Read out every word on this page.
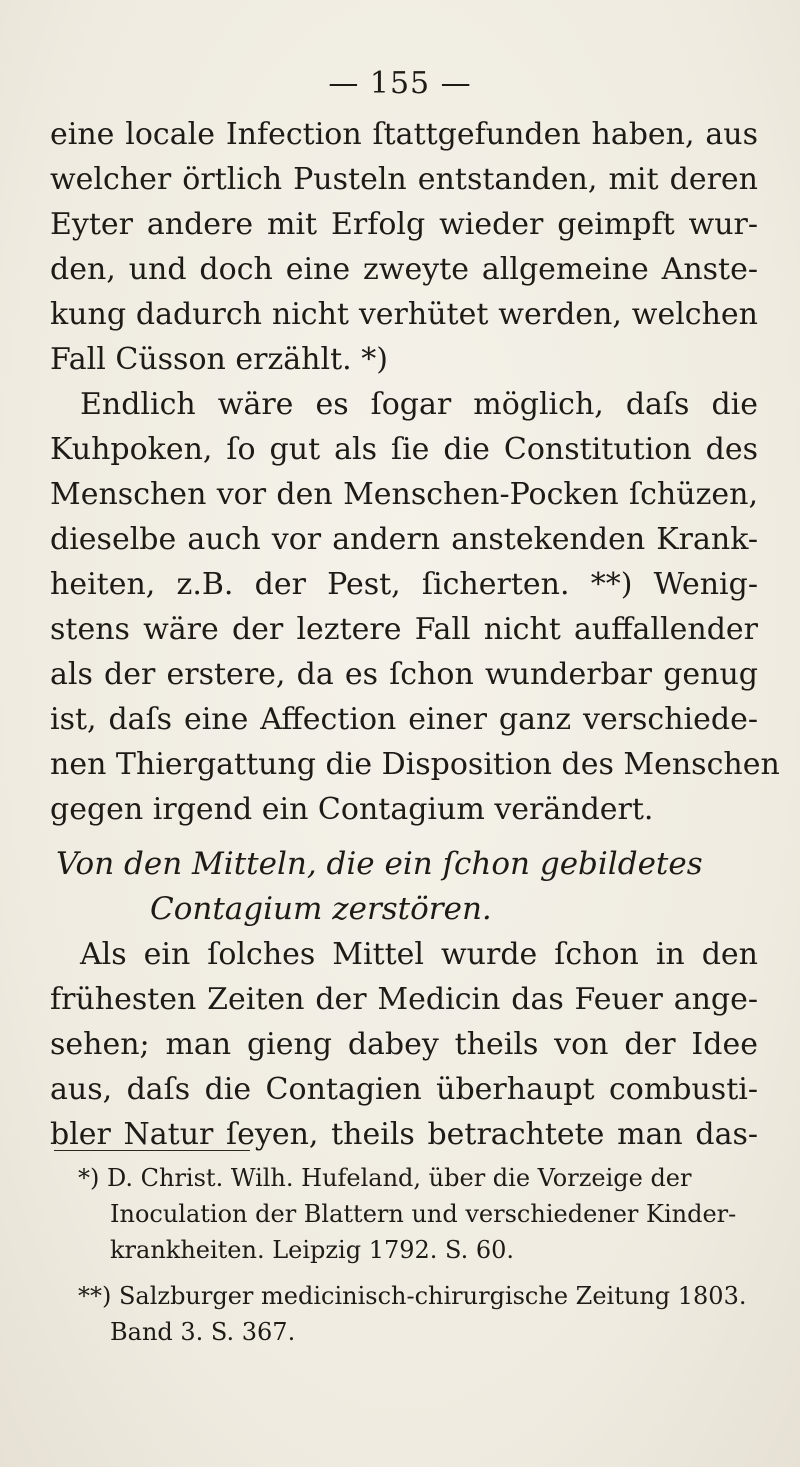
— 155 —
eine locale Infection ſtattgefunden haben, aus
welcher örtlich Pusteln entstanden, mit deren
Eyter andere mit Erfolg wieder geimpft wur-
den, und doch eine zweyte allgemeine Anste-
kung dadurch nicht verhütet werden, welchen
Fall Cüsson erzählt. *)
Endlich wäre es ſogar möglich, daſs die
Kuhpoken, ſo gut als ſie die Constitution des
Menschen vor den Menschen-Pocken ſchüzen,
dieselbe auch vor andern anstekenden Krank-
heiten, z.B. der Pest, ſicherten. **) Wenig-
stens wäre der leztere Fall nicht auffallender
als der erstere, da es ſchon wunderbar genug
ist, daſs eine Affection einer ganz verschiede-
nen Thiergattung die Disposition des Menschen
gegen irgend ein Contagium verändert.
Von den Mitteln, die ein ſchon gebildetes
Contagium zerstören.
Als ein ſolches Mittel wurde ſchon in den
frühesten Zeiten der Medicin das Feuer ange-
sehen; man gieng dabey theils von der Idee
aus, daſs die Contagien überhaupt combusti-
bler Natur ſeyen, theils betrachtete man das-
*) D. Christ. Wilh. Hufeland, über die Vorzeige der
Inoculation der Blattern und verschiedener Kinder-
krankheiten. Leipzig 1792. S. 60.
**) Salzburger medicinisch-chirurgische Zeitung 1803.
Band 3. S. 367.
